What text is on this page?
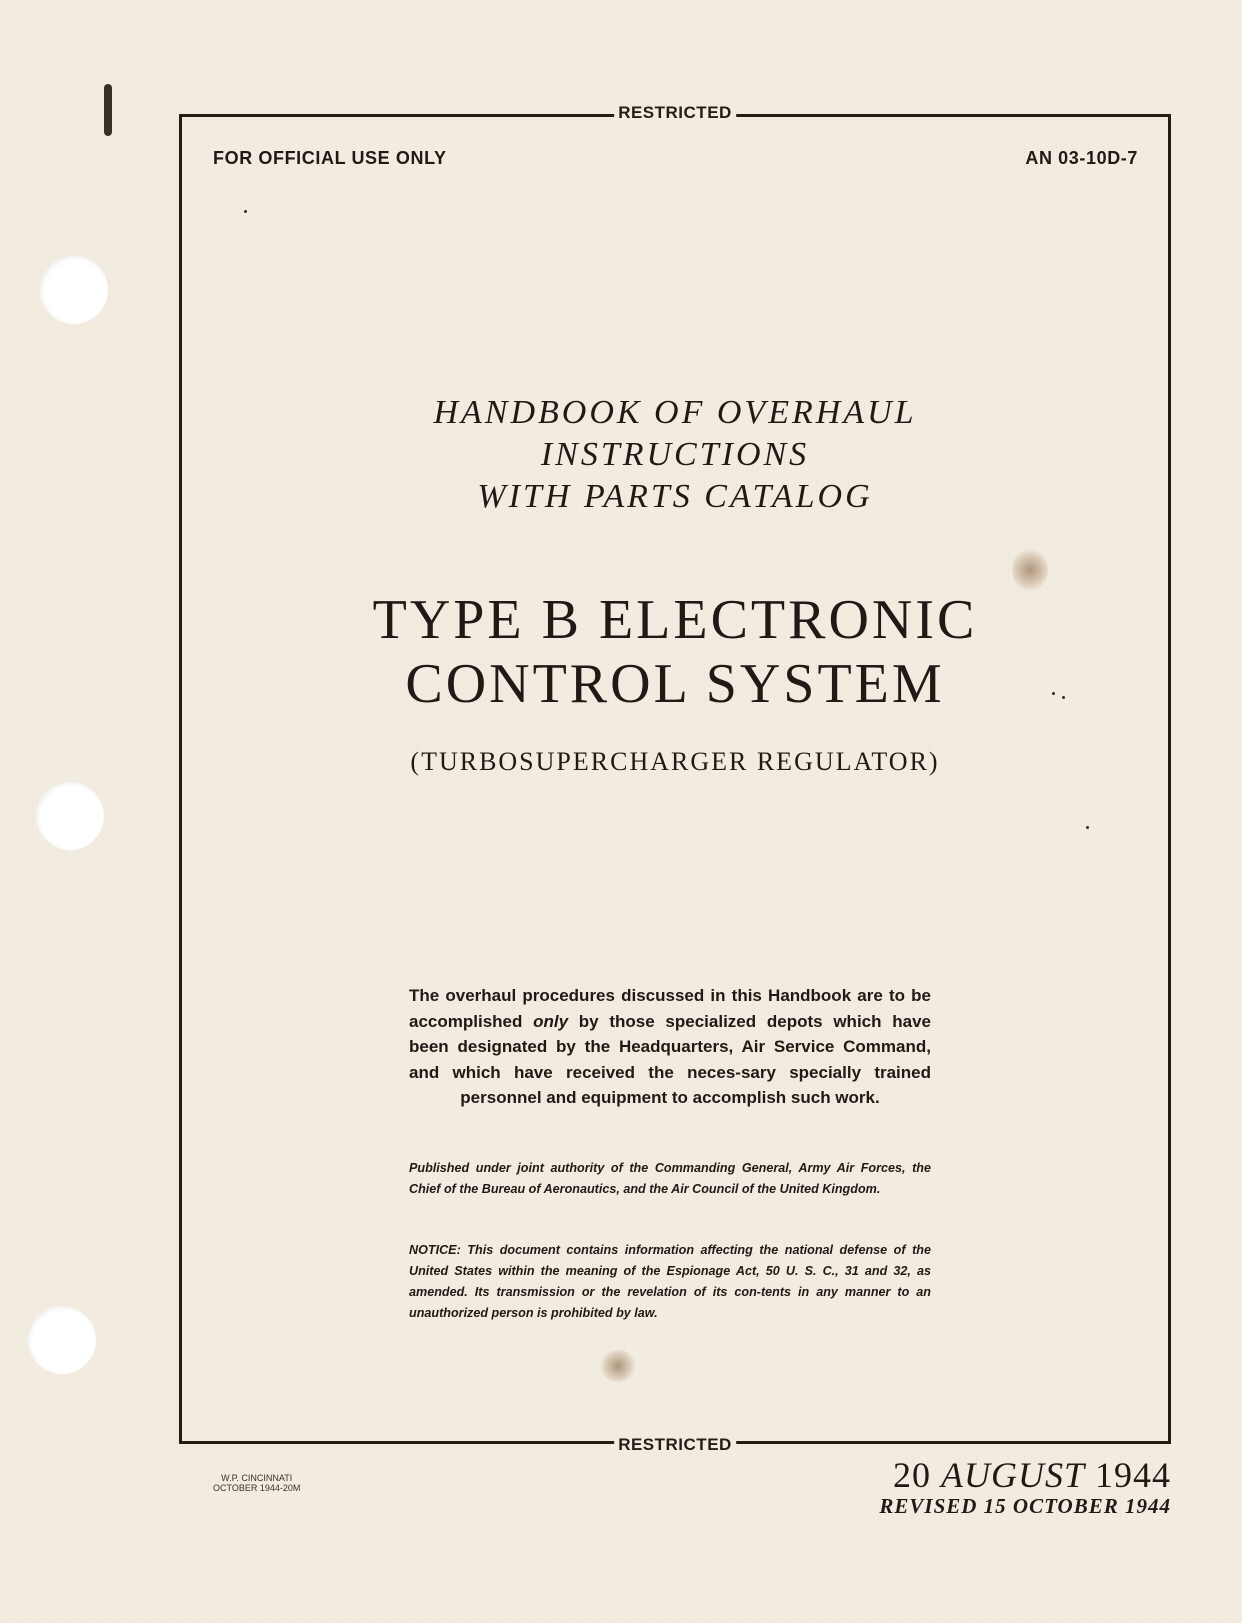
RESTRICTED
RESTRICTED
FOR OFFICIAL USE ONLY	AN 03-10D-7
HANDBOOK OF OVERHAUL
INSTRUCTIONS
WITH PARTS CATALOG
TYPE B ELECTRONIC
CONTROL SYSTEM
(TURBOSUPERCHARGER REGULATOR)
The overhaul procedures discussed in this Handbook are to be accomplished only by those specialized depots which have been designated by the Headquarters, Air Service Command, and which have received the neces-sary specially trained personnel and equipment to accomplish such work.
Published under joint authority of the Commanding General, Army Air Forces, the Chief of the Bureau of Aeronautics, and the Air Council of the United Kingdom.
NOTICE: This document contains information affecting the national defense of the United States within the meaning of the Espionage Act, 50 U. S. C., 31 and 32, as amended. Its transmission or the revelation of its con-tents in any manner to an unauthorized person is prohibited by law.
W.P. CINCINNATI
OCTOBER 1944-20M	20 AUGUST 1944
REVISED 15 OCTOBER 1944
